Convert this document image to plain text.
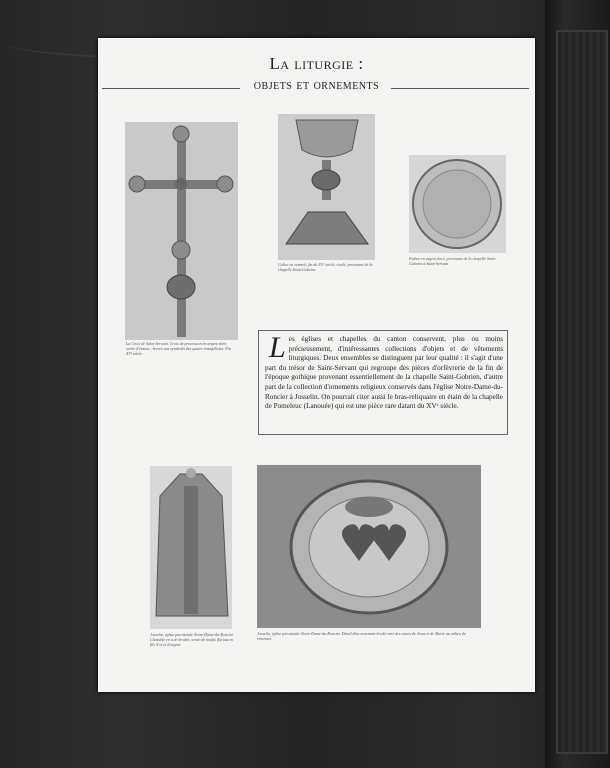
La liturgie :
objets et ornements
La Croix de Saint-Servant. Croix de procession en argent doré, ornée d'émaux ; revers aux symboles des quatre évangélistes. Fin XVᵉ siècle.
Calice en vermeil, fin du XVᵉ siècle, ciselé, provenant de la chapelle Saint-Gobrien.
Patène en argent doré, provenant de la chapelle Saint-Gobrien à Saint-Servant.
Les églises et chapelles du canton conservent, plus ou moins précieusement, d'intéressantes collections d'objets et de vêtements liturgiques. Deux ensembles se distinguent par leur qualité : il s'agit d'une part du trésor de Saint-Servant qui regroupe des pièces d'orfèvrerie de la fin de l'époque gothique provenant essentiellement de la chapelle Saint-Gobrien, d'autre part de la collection d'ornements religieux conservés dans l'église Notre-Dame-du-Roncier à Josselin. On pourrait citer aussi le bras-reliquaire en étain de la chapelle de Pomeleuc (Lanouée) qui est une pièce rare datant du XVᵉ siècle.
Josselin, église paroissiale Notre-Dame-du-Roncier. Chasuble en soie brodée, ornée de motifs floraux en fils d'or et d'argent.
Josselin, église paroissiale Notre-Dame-du-Roncier. Détail d'un ornement brodé orné des cœurs de Jésus et de Marie au milieu de rinceaux.
